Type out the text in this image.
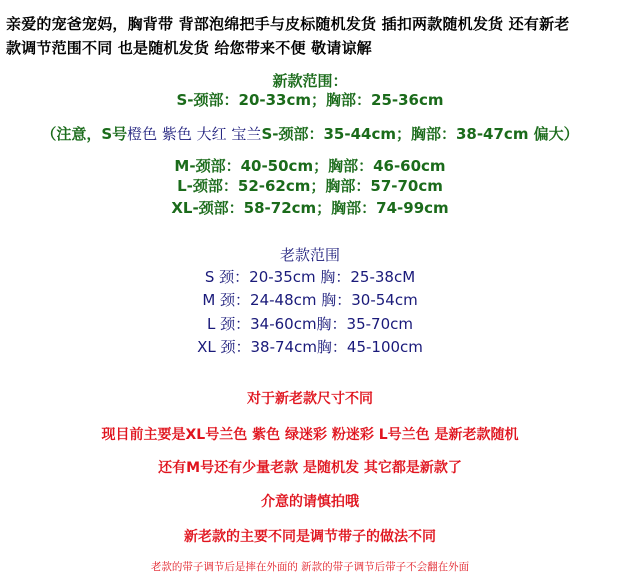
亲爱的宠爸宠妈，胸背带 背部泡绵把手与皮标随机发货 插扣两款随机发货 还有新老
款调节范围不同 也是随机发货 给您带来不便 敬请谅解
新款范围：
S-颈部：20-33cm；胸部：25-36cm
（注意，S号橙色 紫色 大红 宝兰S-颈部：35-44cm；胸部：38-47cm 偏大）
M-颈部：40-50cm；胸部：46-60cm
L-颈部：52-62cm；胸部：57-70cm
XL-颈部：58-72cm；胸部：74-99cm
老款范围
S 颈：20-35cm 胸：25-38cM
M 颈：24-48cm 胸：30-54cm
L 颈：34-60cm胸：35-70cm
XL 颈：38-74cm胸：45-100cm
对于新老款尺寸不同
现目前主要是XL号兰色 紫色 绿迷彩 粉迷彩 L号兰色 是新老款随机
还有M号还有少量老款 是随机发 其它都是新款了
介意的请慎拍哦
新老款的主要不同是调节带子的做法不同
老款的带子调节后是摔在外面的 新款的带子调节后带子不会翻在外面
